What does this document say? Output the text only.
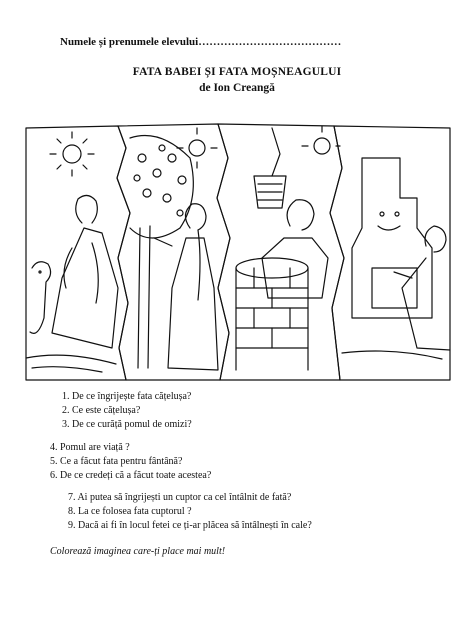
Numele și prenumele elevului…………………………………
FATA BABEI ȘI FATA MOȘNEAGULUI
de Ion Creangă
1. De ce îngrijește fata cățelușa?
2. Ce este cățelușa?
3. De ce curăță pomul de omizi?
4. Pomul are viață ?
5. Ce a făcut fata pentru fântână?
6. De ce credeți că a făcut toate acestea?
7. Ai putea să îngrijești un cuptor ca cel întâlnit de fată?
8. La ce folosea fata cuptorul ?
9. Dacă ai fi în locul fetei ce ți-ar plăcea să întâlnești în cale?
Colorează imaginea care-ți place mai mult!
